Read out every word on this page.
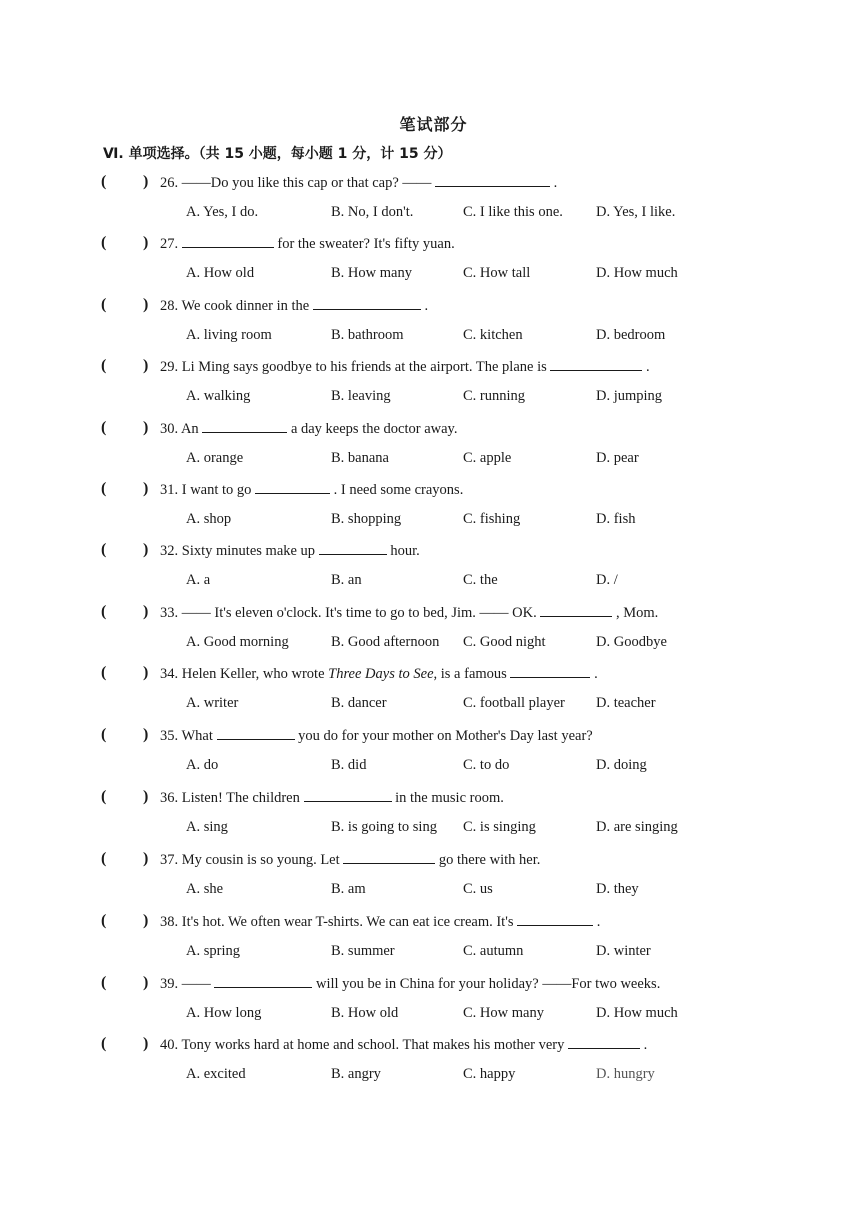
笔试部分
Ⅵ. 单项选择。（共 15 小题，每小题 1 分，计 15 分）
( ) 26. ——Do you like this cap or that cap? ——	.
A. Yes, I do.	B. No, I don't.	C. I like this one. D. Yes, I like.
( ) 27.	for the sweater? It's fifty yuan.
A. How old	B. How many	C. How tall	D. How much
( ) 28. We cook dinner in the	.
A. living room	B. bathroom	C. kitchen	D. bedroom
( ) 29. Li Ming says goodbye to his friends at the airport. The plane is	.
A. walking	B. leaving	C. running	D. jumping
( ) 30. An	a day keeps the doctor away.
A. orange	B. banana	C. apple	D. pear
( ) 31. I want to go	. I need some crayons.
A. shop	B. shopping	C. fishing	D. fish
( ) 32. Sixty minutes make up	hour.
A. a	B. an	C. the	D. /
( ) 33. —— It's eleven o'clock. It's time to go to bed, Jim. —— OK.	, Mom.
A. Good morning	B. Good afternoon C. Good night	D. Goodbye
( ) 34. Helen Keller, who wrote Three Days to See, is a famous	.
A. writer	B. dancer	C. football player D. teacher
( ) 35. What	you do for your mother on Mother's Day last year?
A. do	B. did	C. to do	D. doing
( ) 36. Listen! The children	in the music room.
A. sing	B. is going to sing C. is singing	D. are singing
( ) 37. My cousin is so young. Let	go there with her.
A. she	B. am	C. us	D. they
( ) 38. It's hot. We often wear T-shirts. We can eat ice cream. It's	.
A. spring	B. summer	C. autumn	D. winter
( ) 39. ——	will you be in China for your holiday? ——For two weeks.
A. How long	B. How old	C. How many	D. How much
( ) 40. Tony works hard at home and school. That makes his mother very	.
A. excited	B. angry	C. happy	D. hungry
